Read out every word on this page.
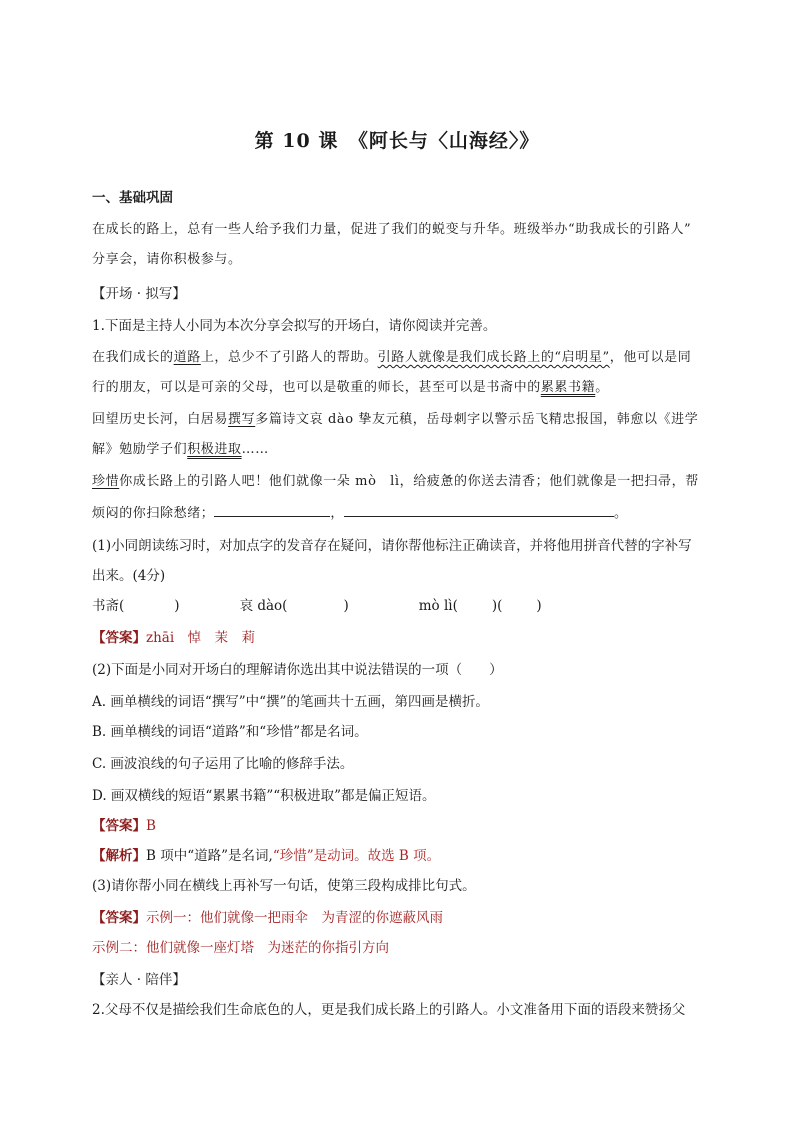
第 10 课　《阿长与〈山海经〉》
一、基础巩固
在成长的路上，总有一些人给予我们力量，促进了我们的蜕变与升华。班级举办“助我成长的引路人”
分享会，请你积极参与。
【开场 · 拟写】
1.下面是主持人小同为本次分享会拟写的开场白，请你阅读并完善。
在我们成长的道路上，总少不了引路人的帮助。引路人就像是我们成长路上的“启明星”，他可以是同
行的朋友，可以是可亲的父母，也可以是敬重的师长，甚至可以是书斋中的累累书籍。
回望历史长河，白居易撰写多篇诗文哀 dào 挚友元稹，岳母刺字以警示岳飞精忠报国，韩愈以《进学
解》勉励学子们积极进取……
珍惜你成长路上的引路人吧！他们就像一朵 mò　lì，给疲惫的你送去清香；他们就像是一把扫帚，帮
烦闷的你扫除愁绪；	，	。
(1)小同朗读练习时，对加点字的发音存在疑问，请你帮他标注正确读音，并将他用拼音代替的字补写
出来。(4分)
书斋(	)	哀 dào(	)	mò lì(	)(	)
【答案】zhāi　悼　茉　莉
(2)下面是小同对开场白的理解请你选出其中说法错误的一项（　　）
A. 画单横线的词语“撰写”中“撰”的笔画共十五画，第四画是横折。
B. 画单横线的词语“道路”和“珍惜”都是名词。
C. 画波浪线的句子运用了比喻的修辞手法。
D. 画双横线的短语“累累书籍”“积极进取”都是偏正短语。
【答案】B
【解析】B 项中“道路”是名词,“珍惜”是动词。故选 B 项。
(3)请你帮小同在横线上再补写一句话，使第三段构成排比句式。
【答案】示例一：他们就像一把雨伞　为青涩的你遮蔽风雨
示例二：他们就像一座灯塔　为迷茫的你指引方向
【亲人 · 陪伴】
2.父母不仅是描绘我们生命底色的人，更是我们成长路上的引路人。小文准备用下面的语段来赞扬父
